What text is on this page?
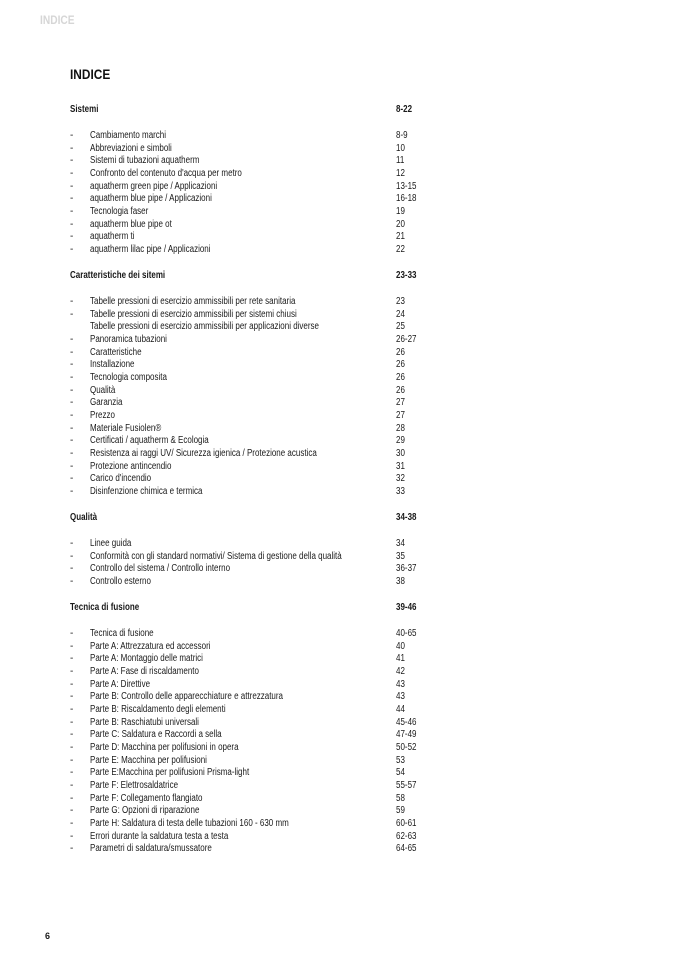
INDICE
INDICE
Sistemi	8-22
- Cambiamento marchi	8-9
- Abbreviazioni e simboli	10
- Sistemi di tubazioni aquatherm	11
- Confronto del contenuto d'acqua per metro	12
- aquatherm green pipe / Applicazioni	13-15
- aquatherm blue pipe / Applicazioni	16-18
- Tecnologia faser	19
- aquatherm blue pipe ot	20
- aquatherm ti	21
- aquatherm lilac pipe / Applicazioni	22
Caratteristiche dei sitemi	23-33
- Tabelle pressioni di esercizio ammissibili per rete sanitaria	23
- Tabelle pressioni di esercizio ammissibili per sistemi chiusi	24
Tabelle pressioni di esercizio ammissibili per applicazioni diverse	25
- Panoramica tubazioni	26-27
- Caratteristiche	26
- Installazione	26
- Tecnologia composita	26
- Qualità	26
- Garanzia	27
- Prezzo	27
- Materiale Fusiolen®	28
- Certificati / aquatherm & Ecologia	29
- Resistenza ai raggi UV/ Sicurezza igienica / Protezione acustica	30
- Protezione antincendio	31
- Carico d'incendio	32
- Disinfenzione chimica e termica	33
Qualità	34-38
- Linee guida	34
- Conformità con gli standard normativi/ Sistema di gestione della qualità	35
- Controllo del sistema / Controllo interno	36-37
- Controllo esterno	38
Tecnica di fusione	39-46
- Tecnica di fusione	40-65
- Parte A: Attrezzatura ed accessori	40
- Parte A: Montaggio delle matrici	41
- Parte A: Fase di riscaldamento	42
- Parte A: Direttive	43
- Parte B: Controllo delle apparecchiature e attrezzatura	43
- Parte B: Riscaldamento degli elementi	44
- Parte B: Raschiatubi universali	45-46
- Parte C: Saldatura e Raccordi a sella	47-49
- Parte D: Macchina per polifusioni in opera	50-52
- Parte E: Macchina per polifusioni	53
- Parte E:Macchina per polifusioni Prisma-light	54
- Parte F: Elettrosaldatrice	55-57
- Parte F: Collegamento flangiato	58
- Parte G: Opzioni di riparazione	59
- Parte H: Saldatura di testa delle tubazioni 160 - 630 mm	60-61
- Errori durante la saldatura testa a testa	62-63
- Parametri di saldatura/smussatore	64-65
6
